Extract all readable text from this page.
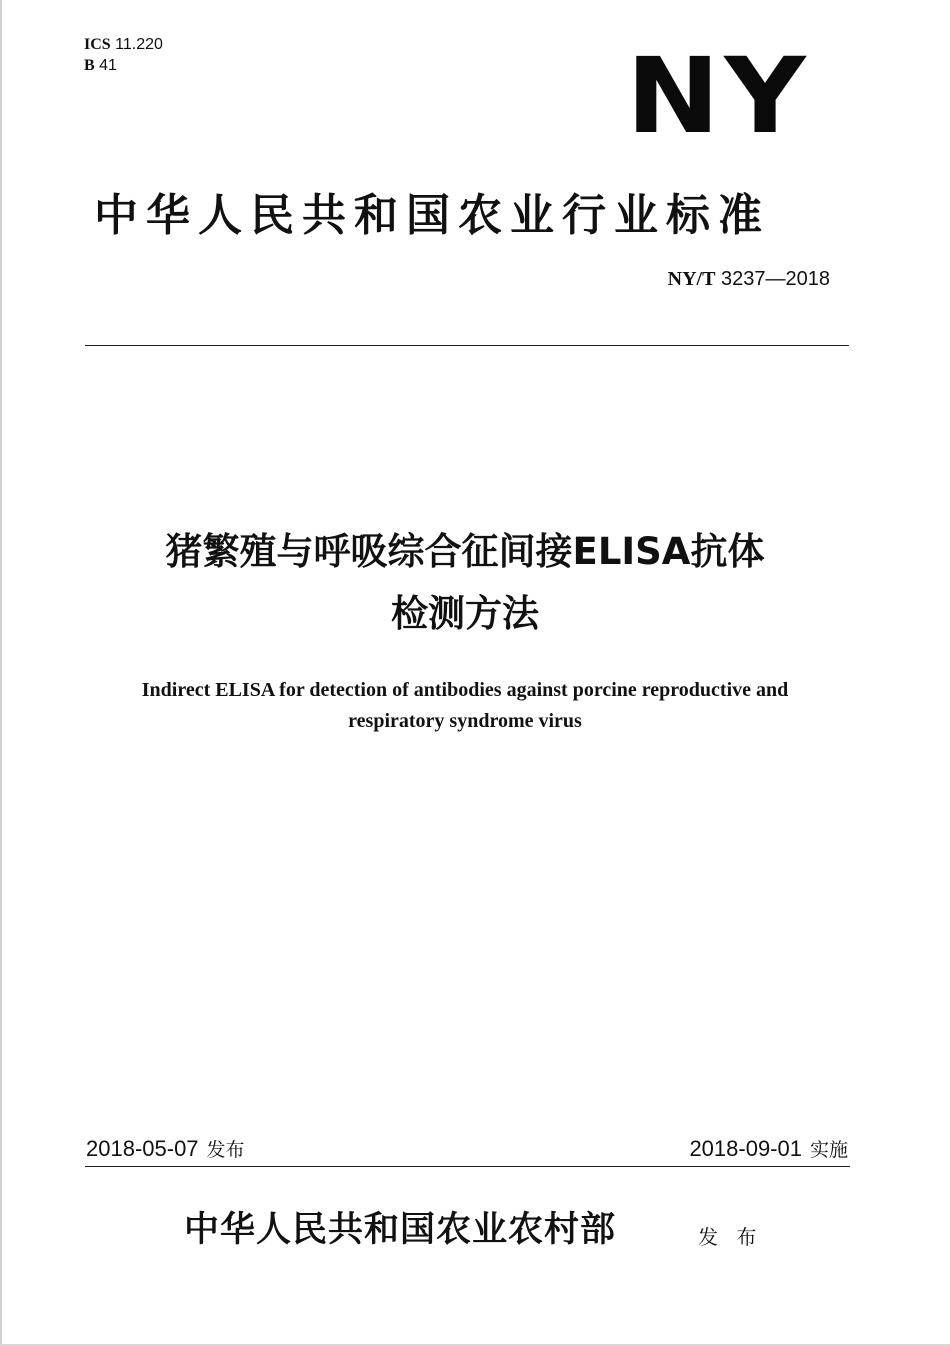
ICS 11.220
B 41	NY
中华人民共和国农业行业标准
NY/T 3237—2018
猪繁殖与呼吸综合征间接ELISA抗体
检测方法
Indirect ELISA for detection of antibodies against porcine reproductive and
respiratory syndrome virus
2018-05-07 发布	2018-09-01 实施
中华人民共和国农业农村部	发 布
